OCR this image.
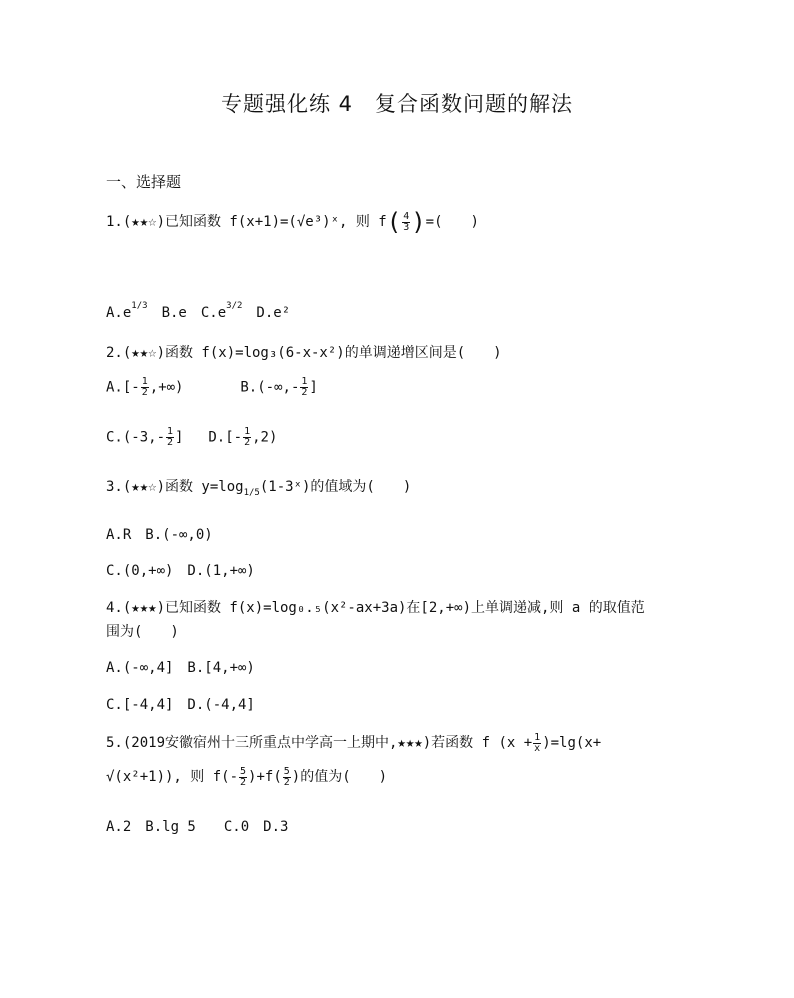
专题强化练 4　复合函数问题的解法
一、选择题
1.(★★☆)已知函数 f(x+1)=(√e³)ˣ, 则 $f( \frac{4}{3}$ )=(　　)
$A.e^{1/3}$　 B.e　 $C.e^{3/2}$　 D.e²
2.(★★☆)函数 f(x)=log₃(6-x-x²)的单调递增区间是(　　)
$A.[- \frac{1}{2}$ ,+∞)	$B.(-\infty,- \frac{1}{2}$ ]
$C.(-3,- \frac{1}{2}$ ] $D.[- \frac{1}{2} ,2)$
3.(★★☆)函数 $y=\log_{1/5}(1-3ˣ)$的值域为(　　)
A.R　B.(-∞,0)
C.(0,+∞)　D.(1,+∞)
4.(★★★)已知函数 f(x)=log₀.₅(x²-ax+3a)在[2,+∞)上单调递减,则 a 的取值范
围为(　　)
A.(-∞,4]　B.[4,+∞)
C.[-4,4]　D.(-4,4]
5.(2019安徽宿州十三所重点中学高一上期中,★★★)若函数 f $(x + \frac{1}{x} )=\lg(x+$
√(x²+1)), 则 $f(- \frac{5}{2} )+f( \frac{5}{2}$ )的值为(　　)
A.2　B.lg 5　　C.0　D.3
